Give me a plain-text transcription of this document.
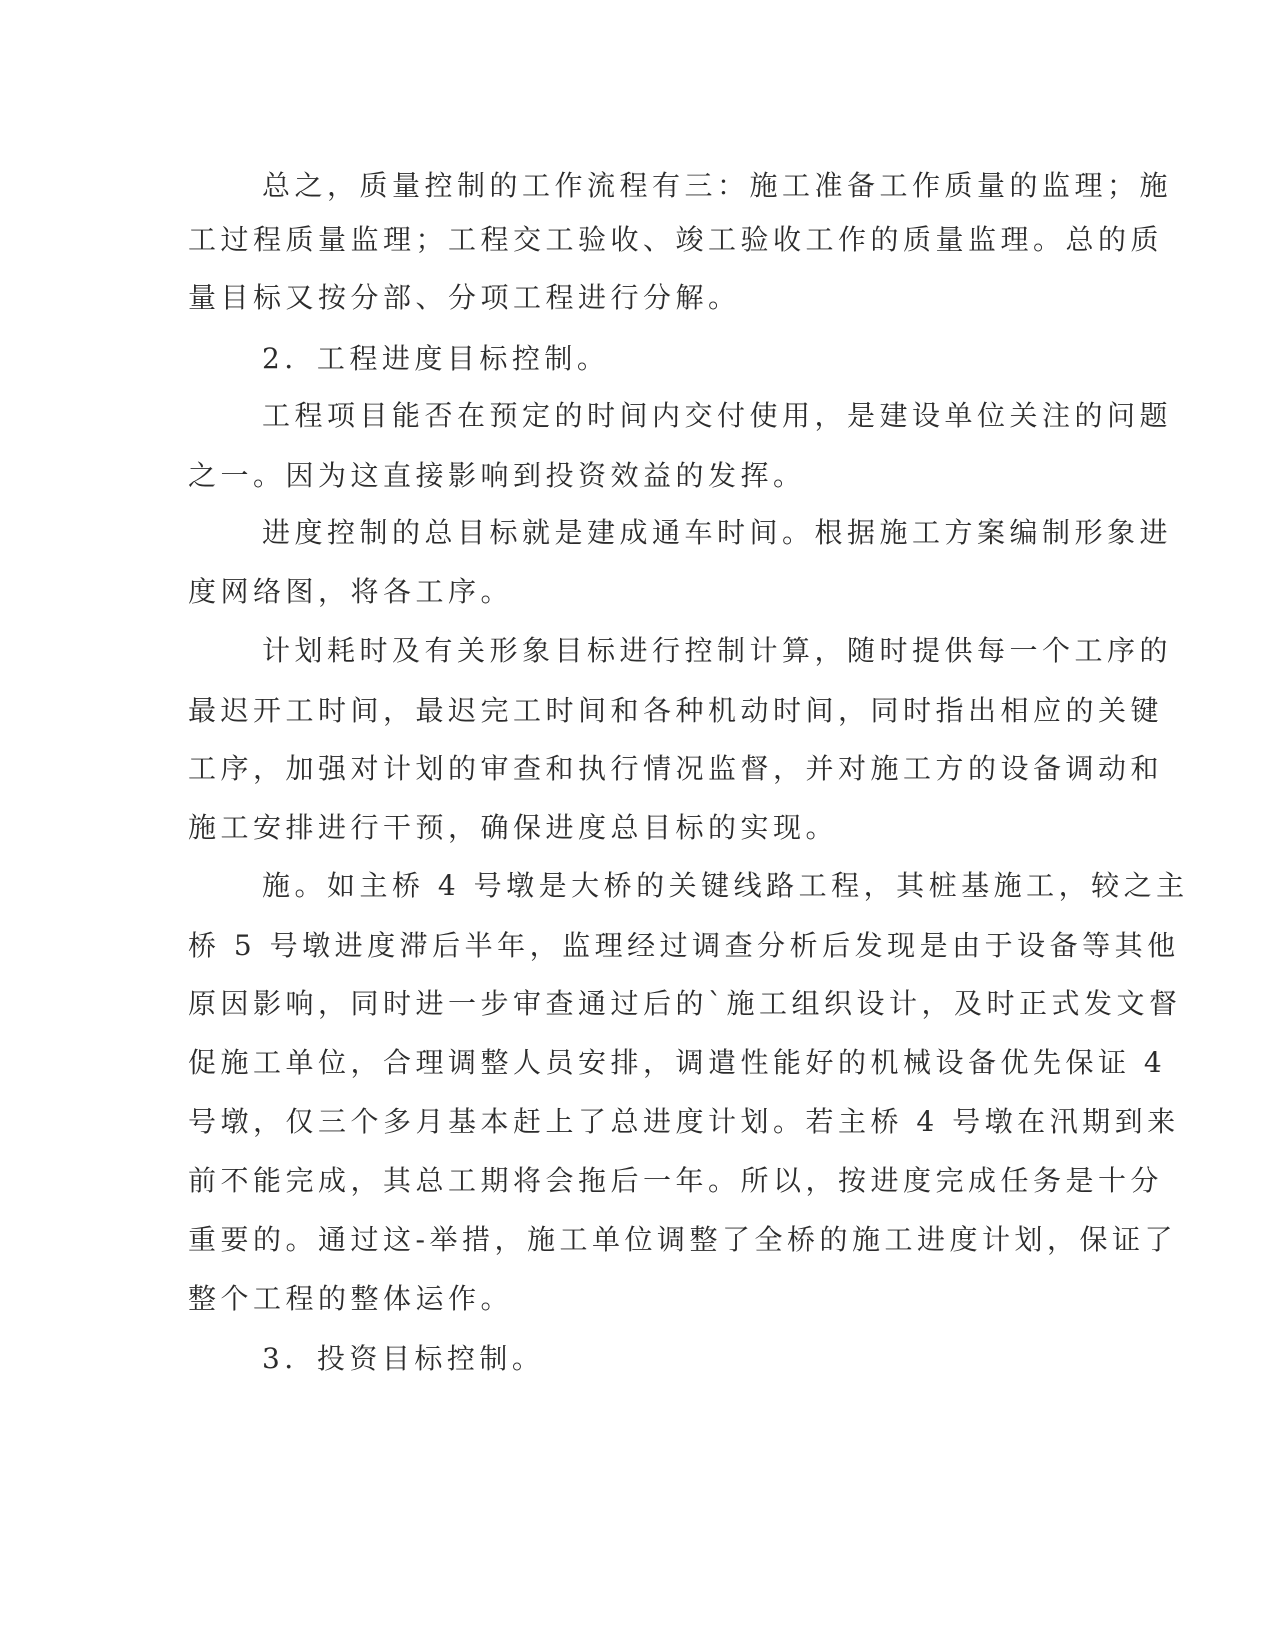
总之，质量控制的工作流程有三：施工准备工作质量的监理；施

工过程质量监理；工程交工验收、竣工验收工作的质量监理。总的质

量目标又按分部、分项工程进行分解。

2．工程进度目标控制。

工程项目能否在预定的时间内交付使用，是建设单位关注的问题

之一。因为这直接影响到投资效益的发挥。

进度控制的总目标就是建成通车时间。根据施工方案编制形象进

度网络图，将各工序。

计划耗时及有关形象目标进行控制计算，随时提供每一个工序的

最迟开工时间，最迟完工时间和各种机动时间，同时指出相应的关键

工序，加强对计划的审查和执行情况监督，并对施工方的设备调动和

施工安排进行干预，确保进度总目标的实现。

施。如主桥 4 号墩是大桥的关键线路工程，其桩基施工，较之主

桥 5 号墩进度滞后半年，监理经过调查分析后发现是由于设备等其他

原因影响，同时进一步审查通过后的`施工组织设计，及时正式发文督

促施工单位，合理调整人员安排，调遣性能好的机械设备优先保证 4

号墩，仅三个多月基本赶上了总进度计划。若主桥 4 号墩在汛期到来

前不能完成，其总工期将会拖后一年。所以，按进度完成任务是十分

重要的。通过这-举措，施工单位调整了全桥的施工进度计划，保证了

整个工程的整体运作。

3．投资目标控制。
